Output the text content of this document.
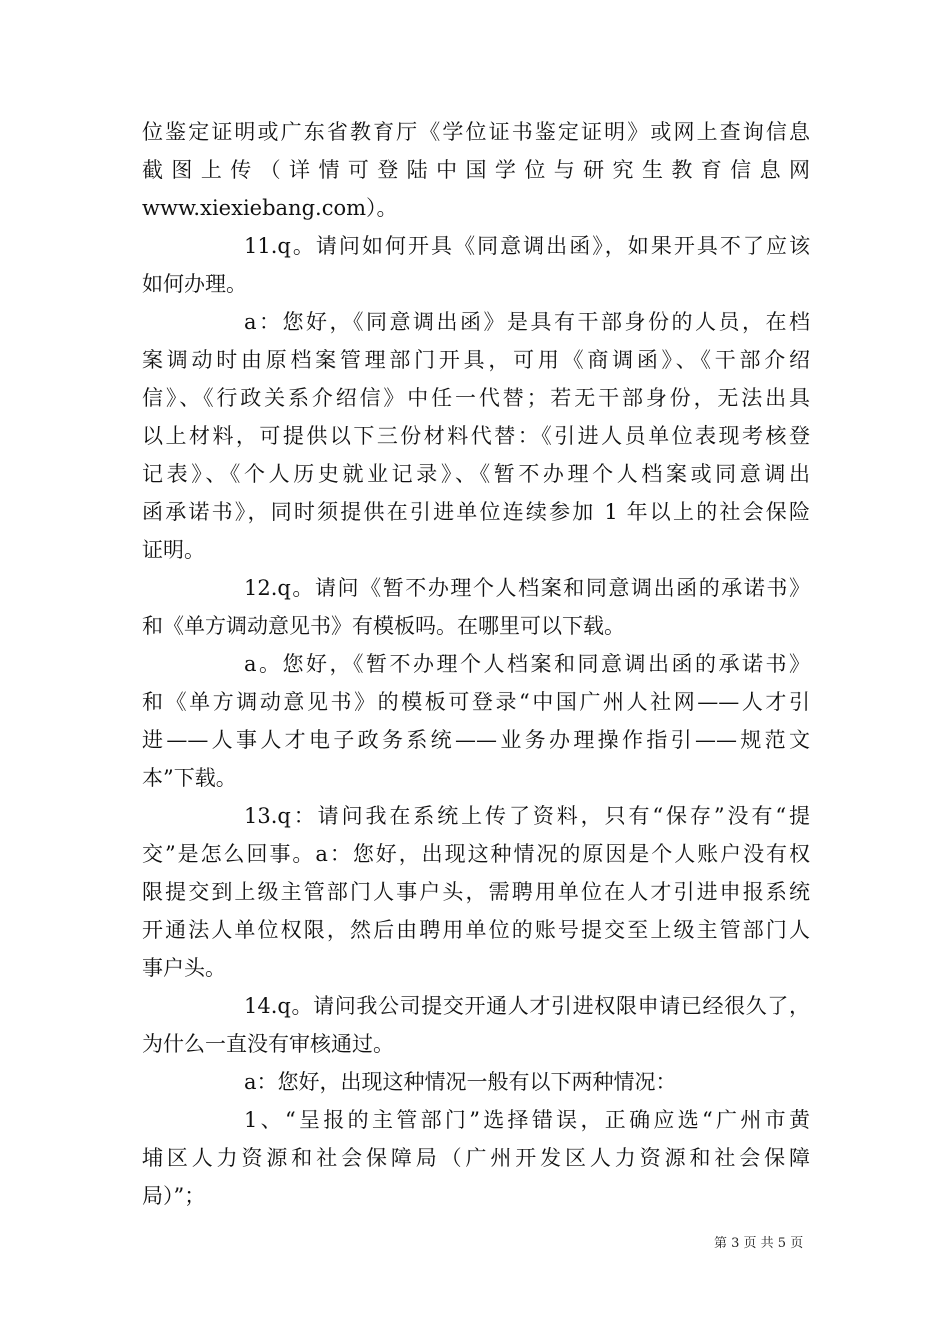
位鉴定证明或广东省教育厅《学位证书鉴定证明》或网上查询信息
截图上传（详情可登陆中国学位与研究生教育信息网
www.xiexiebang.com）。
11.q。请问如何开具《同意调出函》，如果开具不了应该
如何办理。
a：您好，《同意调出函》是具有干部身份的人员，在档
案调动时由原档案管理部门开具，可用《商调函》、《干部介绍
信》、《行政关系介绍信》中任一代替；若无干部身份，无法出具
以上材料，可提供以下三份材料代替：《引进人员单位表现考核登
记表》、《个人历史就业记录》、《暂不办理个人档案或同意调出
函承诺书》，同时须提供在引进单位连续参加 1 年以上的社会保险
证明。
12.q。请问《暂不办理个人档案和同意调出函的承诺书》
和《单方调动意见书》有模板吗。在哪里可以下载。
a。您好，《暂不办理个人档案和同意调出函的承诺书》
和《单方调动意见书》的模板可登录“中国广州人社网——人才引
进——人事人才电子政务系统——业务办理操作指引——规范文
本”下载。
13.q：请问我在系统上传了资料，只有“保存”没有“提
交”是怎么回事。a：您好，出现这种情况的原因是个人账户没有权
限提交到上级主管部门人事户头，需聘用单位在人才引进申报系统
开通法人单位权限，然后由聘用单位的账号提交至上级主管部门人
事户头。
14.q。请问我公司提交开通人才引进权限申请已经很久了，
为什么一直没有审核通过。
a：您好，出现这种情况一般有以下两种情况：
1、“呈报的主管部门”选择错误，正确应选“广州市黄
埔区人力资源和社会保障局（广州开发区人力资源和社会保障
局）”；
第 3 页 共 5 页
